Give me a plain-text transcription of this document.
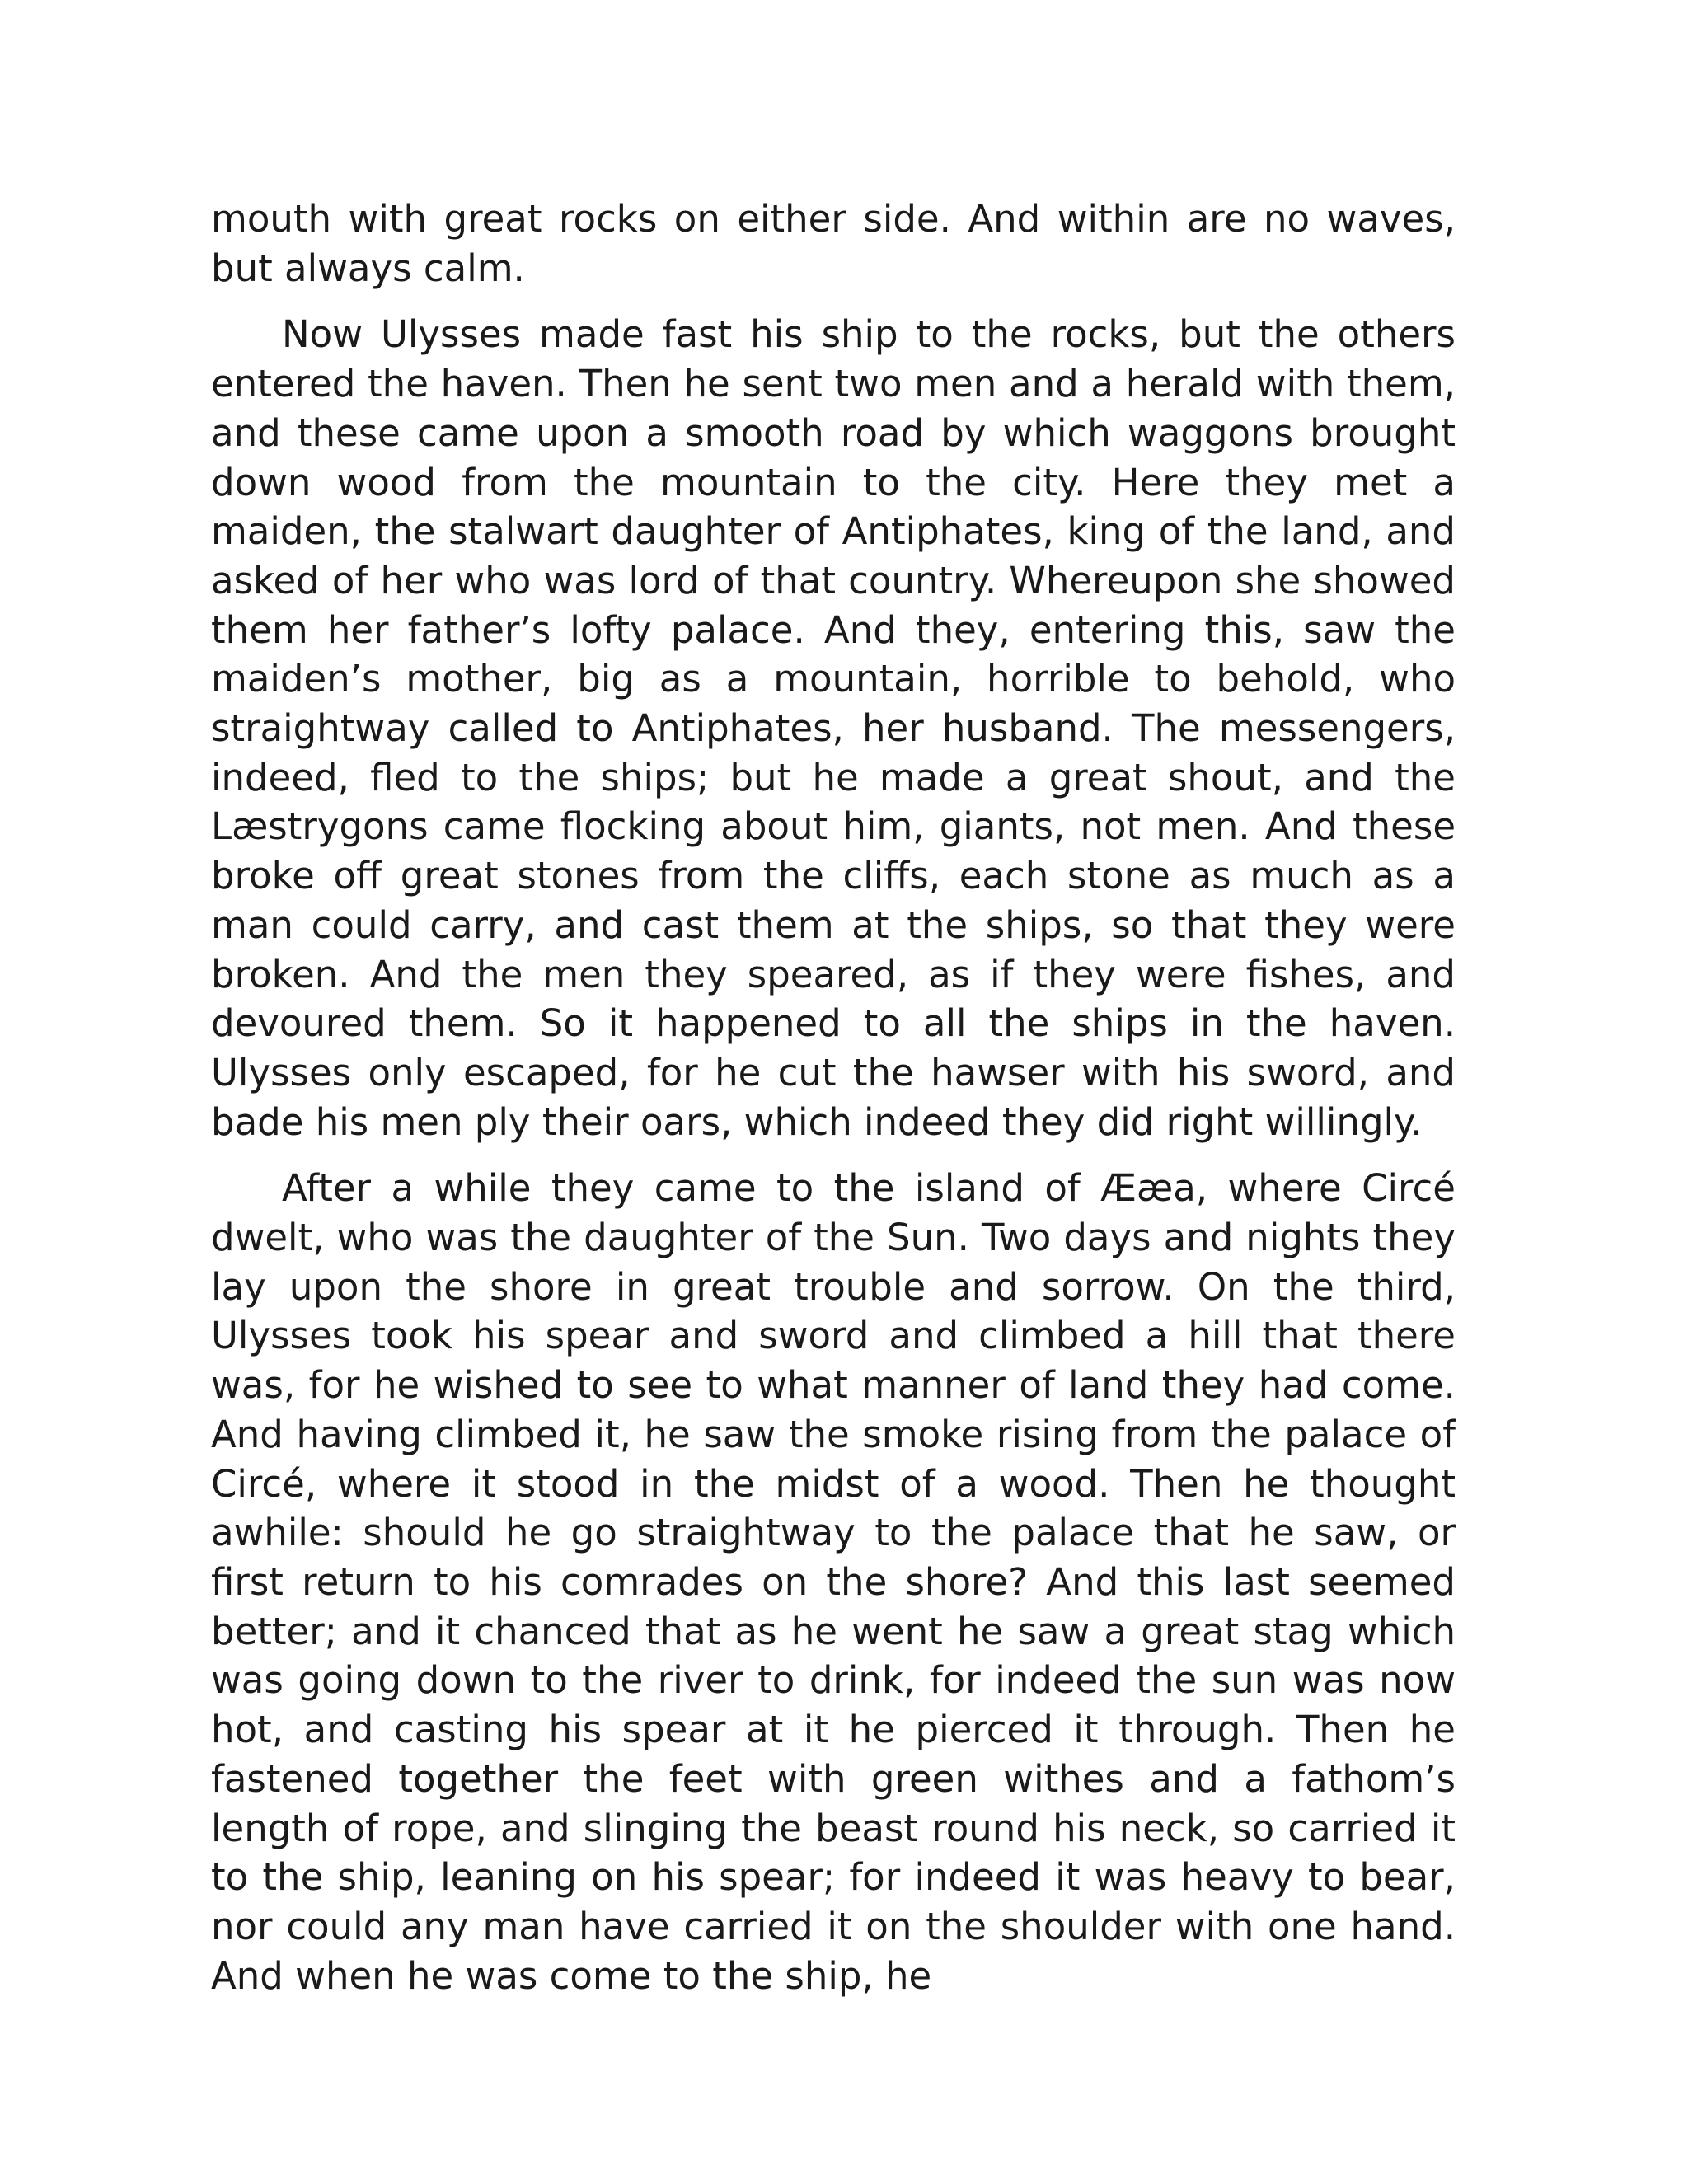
mouth with great rocks on either side. And within are no waves, but always calm.

Now Ulysses made fast his ship to the rocks, but the others entered the haven. Then he sent two men and a herald with them, and these came upon a smooth road by which waggons brought down wood from the mountain to the city. Here they met a maiden, the stalwart daughter of Antiphates, king of the land, and asked of her who was lord of that country. Whereupon she showed them her father’s lofty palace. And they, entering this, saw the maiden’s mother, big as a mountain, horrible to behold, who straightway called to Antiphates, her husband. The messengers, indeed, fled to the ships; but he made a great shout, and the Læstrygons came flocking about him, giants, not men. And these broke off great stones from the cliffs, each stone as much as a man could carry, and cast them at the ships, so that they were broken. And the men they speared, as if they were fishes, and devoured them. So it happened to all the ships in the haven. Ulysses only escaped, for he cut the hawser with his sword, and bade his men ply their oars, which indeed they did right willingly.

After a while they came to the island of Ææa, where Circé dwelt, who was the daughter of the Sun. Two days and nights they lay upon the shore in great trouble and sorrow. On the third, Ulysses took his spear and sword and climbed a hill that there was, for he wished to see to what manner of land they had come. And having climbed it, he saw the smoke rising from the palace of Circé, where it stood in the midst of a wood. Then he thought awhile: should he go straightway to the palace that he saw, or first return to his comrades on the shore? And this last seemed better; and it chanced that as he went he saw a great stag which was going down to the river to drink, for indeed the sun was now hot, and casting his spear at it he pierced it through. Then he fastened together the feet with green withes and a fathom’s length of rope, and slinging the beast round his neck, so carried it to the ship, leaning on his spear; for indeed it was heavy to bear, nor could any man have carried it on the shoulder with one hand. And when he was come to the ship, he
